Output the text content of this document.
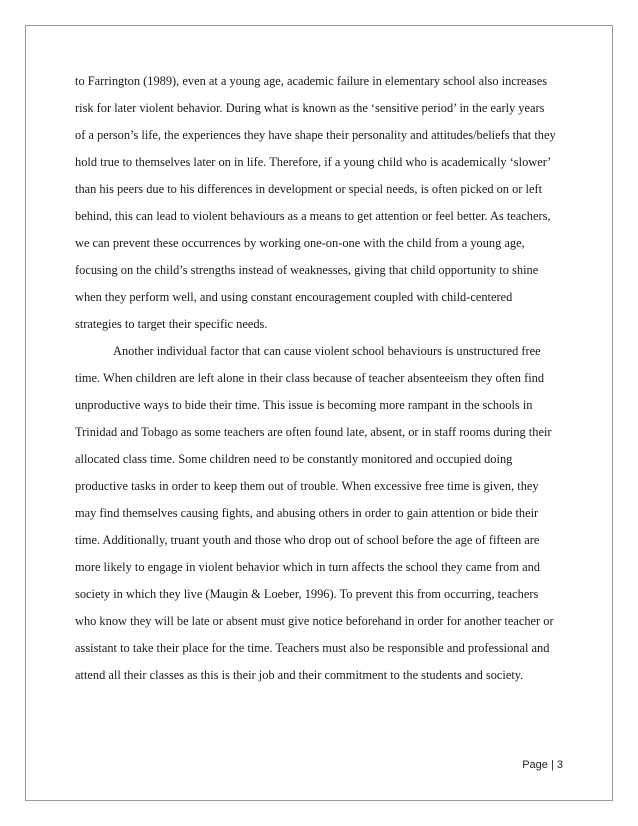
to Farrington (1989), even at a young age, academic failure in elementary school also increases
risk for later violent behavior. During what is known as the ‘sensitive period’ in the early years
of a person’s life, the experiences they have shape their personality and attitudes/beliefs that they
hold true to themselves later on in life. Therefore, if a young child who is academically ‘slower’
than his peers due to his differences in development or special needs, is often picked on or left
behind, this can lead to violent behaviours as a means to get attention or feel better. As teachers,
we can prevent these occurrences by working one-on-one with the child from a young age,
focusing on the child’s strengths instead of weaknesses, giving that child opportunity to shine
when they perform well, and using constant encouragement coupled with child-centered
strategies to target their specific needs.

Another individual factor that can cause violent school behaviours is unstructured free
time. When children are left alone in their class because of teacher absenteeism they often find
unproductive ways to bide their time. This issue is becoming more rampant in the schools in
Trinidad and Tobago as some teachers are often found late, absent, or in staff rooms during their
allocated class time. Some children need to be constantly monitored and occupied doing
productive tasks in order to keep them out of trouble. When excessive free time is given, they
may find themselves causing fights, and abusing others in order to gain attention or bide their
time. Additionally, truant youth and those who drop out of school before the age of fifteen are
more likely to engage in violent behavior which in turn affects the school they came from and
society in which they live (Maugin & Loeber, 1996). To prevent this from occurring, teachers
who know they will be late or absent must give notice beforehand in order for another teacher or
assistant to take their place for the time. Teachers must also be responsible and professional and
attend all their classes as this is their job and their commitment to the students and society.

Page | 3
